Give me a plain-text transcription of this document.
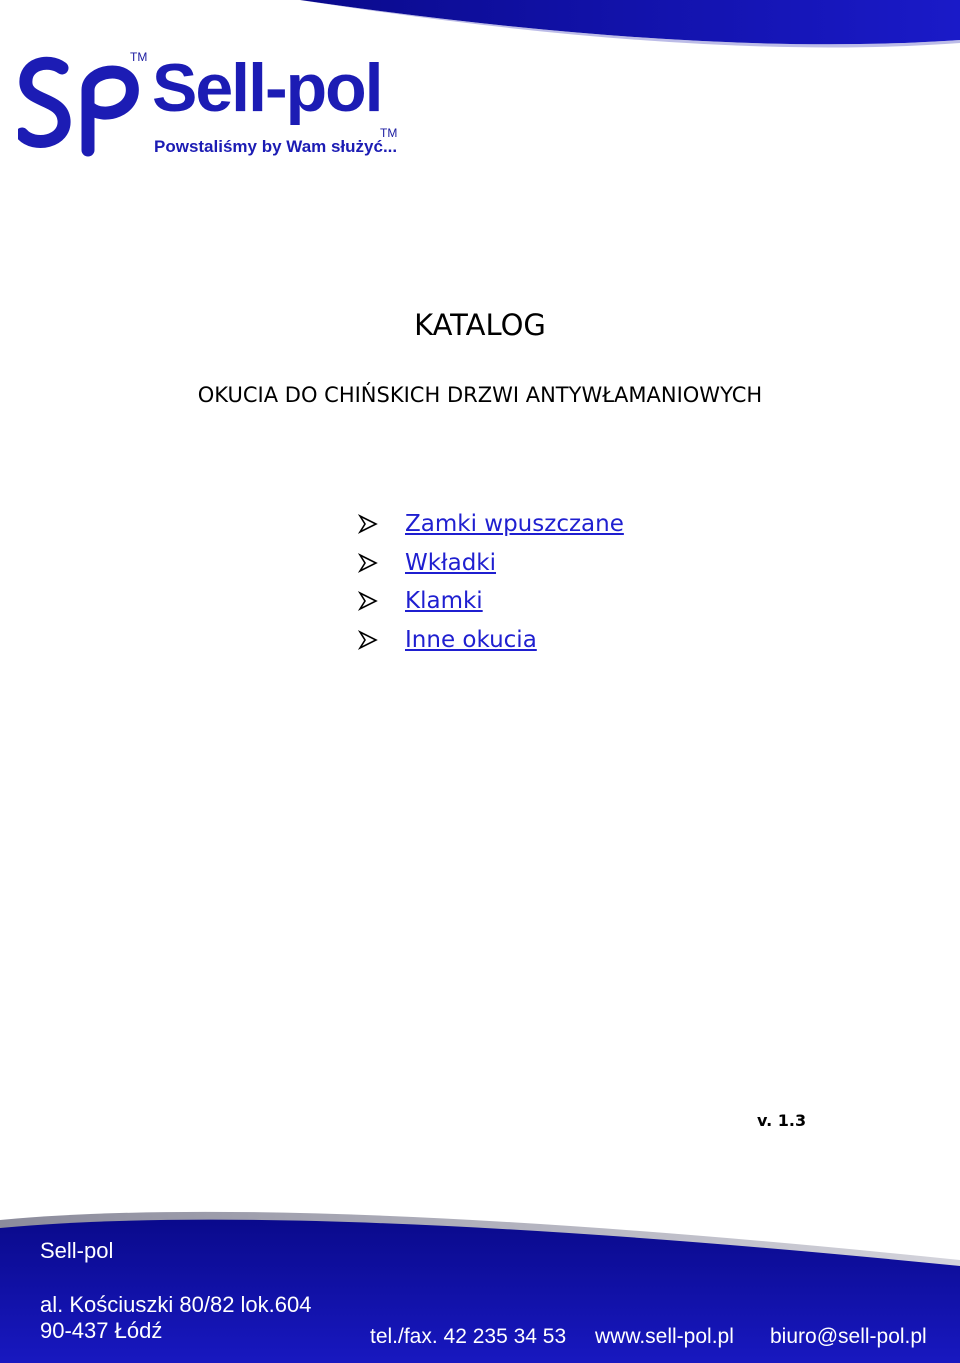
TM Sell-pol
TM
Powstaliśmy by Wam służyć...
KATALOG
OKUCIA DO CHIŃSKICH DRZWI ANTYWŁAMANIOWYCH
Zamki wpuszczane
Wkładki
Klamki
Inne okucia
v. 1.3
Sell-pol
al. Kościuszki 80/82 lok.604
90-437 Łódź	tel./fax. 42 235 34 53 www.sell-pol.pl biuro@sell-pol.pl
